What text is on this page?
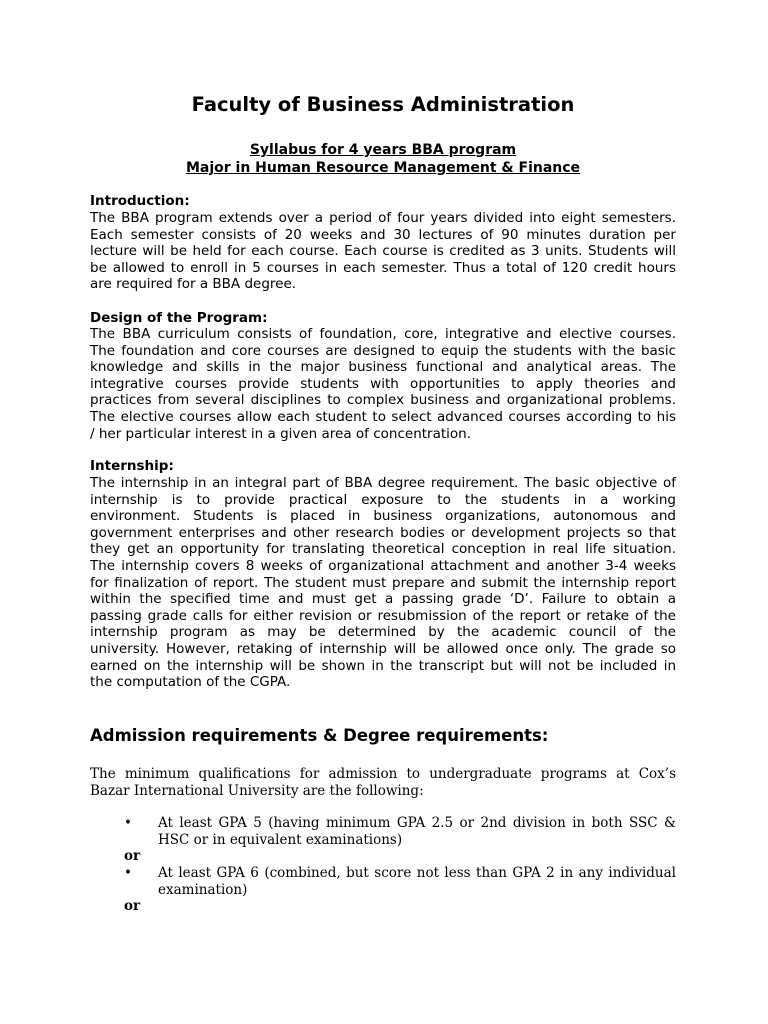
Faculty of Business Administration
Syllabus for 4 years BBA program
Major in Human Resource Management & Finance
Introduction:
The BBA program extends over a period of four years divided into eight semesters.
Each semester consists of 20 weeks and 30 lectures of 90 minutes duration per
lecture will be held for each course. Each course is credited as 3 units. Students will
be allowed to enroll in 5 courses in each semester. Thus a total of 120 credit hours
are required for a BBA degree.
Design of the Program:
The BBA curriculum consists of foundation, core, integrative and elective courses.
The foundation and core courses are designed to equip the students with the basic
knowledge and skills in the major business functional and analytical areas. The
integrative courses provide students with opportunities to apply theories and
practices from several disciplines to complex business and organizational problems.
The elective courses allow each student to select advanced courses according to his
/ her particular interest in a given area of concentration.
Internship:
The internship in an integral part of BBA degree requirement. The basic objective of
internship is to provide practical exposure to the students in a working
environment. Students is placed in business organizations, autonomous and
government enterprises and other research bodies or development projects so that
they get an opportunity for translating theoretical conception in real life situation.
The internship covers 8 weeks of organizational attachment and another 3-4 weeks
for finalization of report. The student must prepare and submit the internship report
within the specified time and must get a passing grade ‘D’. Failure to obtain a
passing grade calls for either revision or resubmission of the report or retake of the
internship program as may be determined by the academic council of the
university. However, retaking of internship will be allowed once only. The grade so
earned on the internship will be shown in the transcript but will not be included in
the computation of the CGPA.
Admission requirements & Degree requirements:
The minimum qualifications for admission to undergraduate programs at Cox’s
Bazar International University are the following:
• At least GPA 5 (having minimum GPA 2.5 or 2nd division in both SSC &
HSC or in equivalent examinations)
or
• At least GPA 6 (combined, but score not less than GPA 2 in any individual
examination)
or
